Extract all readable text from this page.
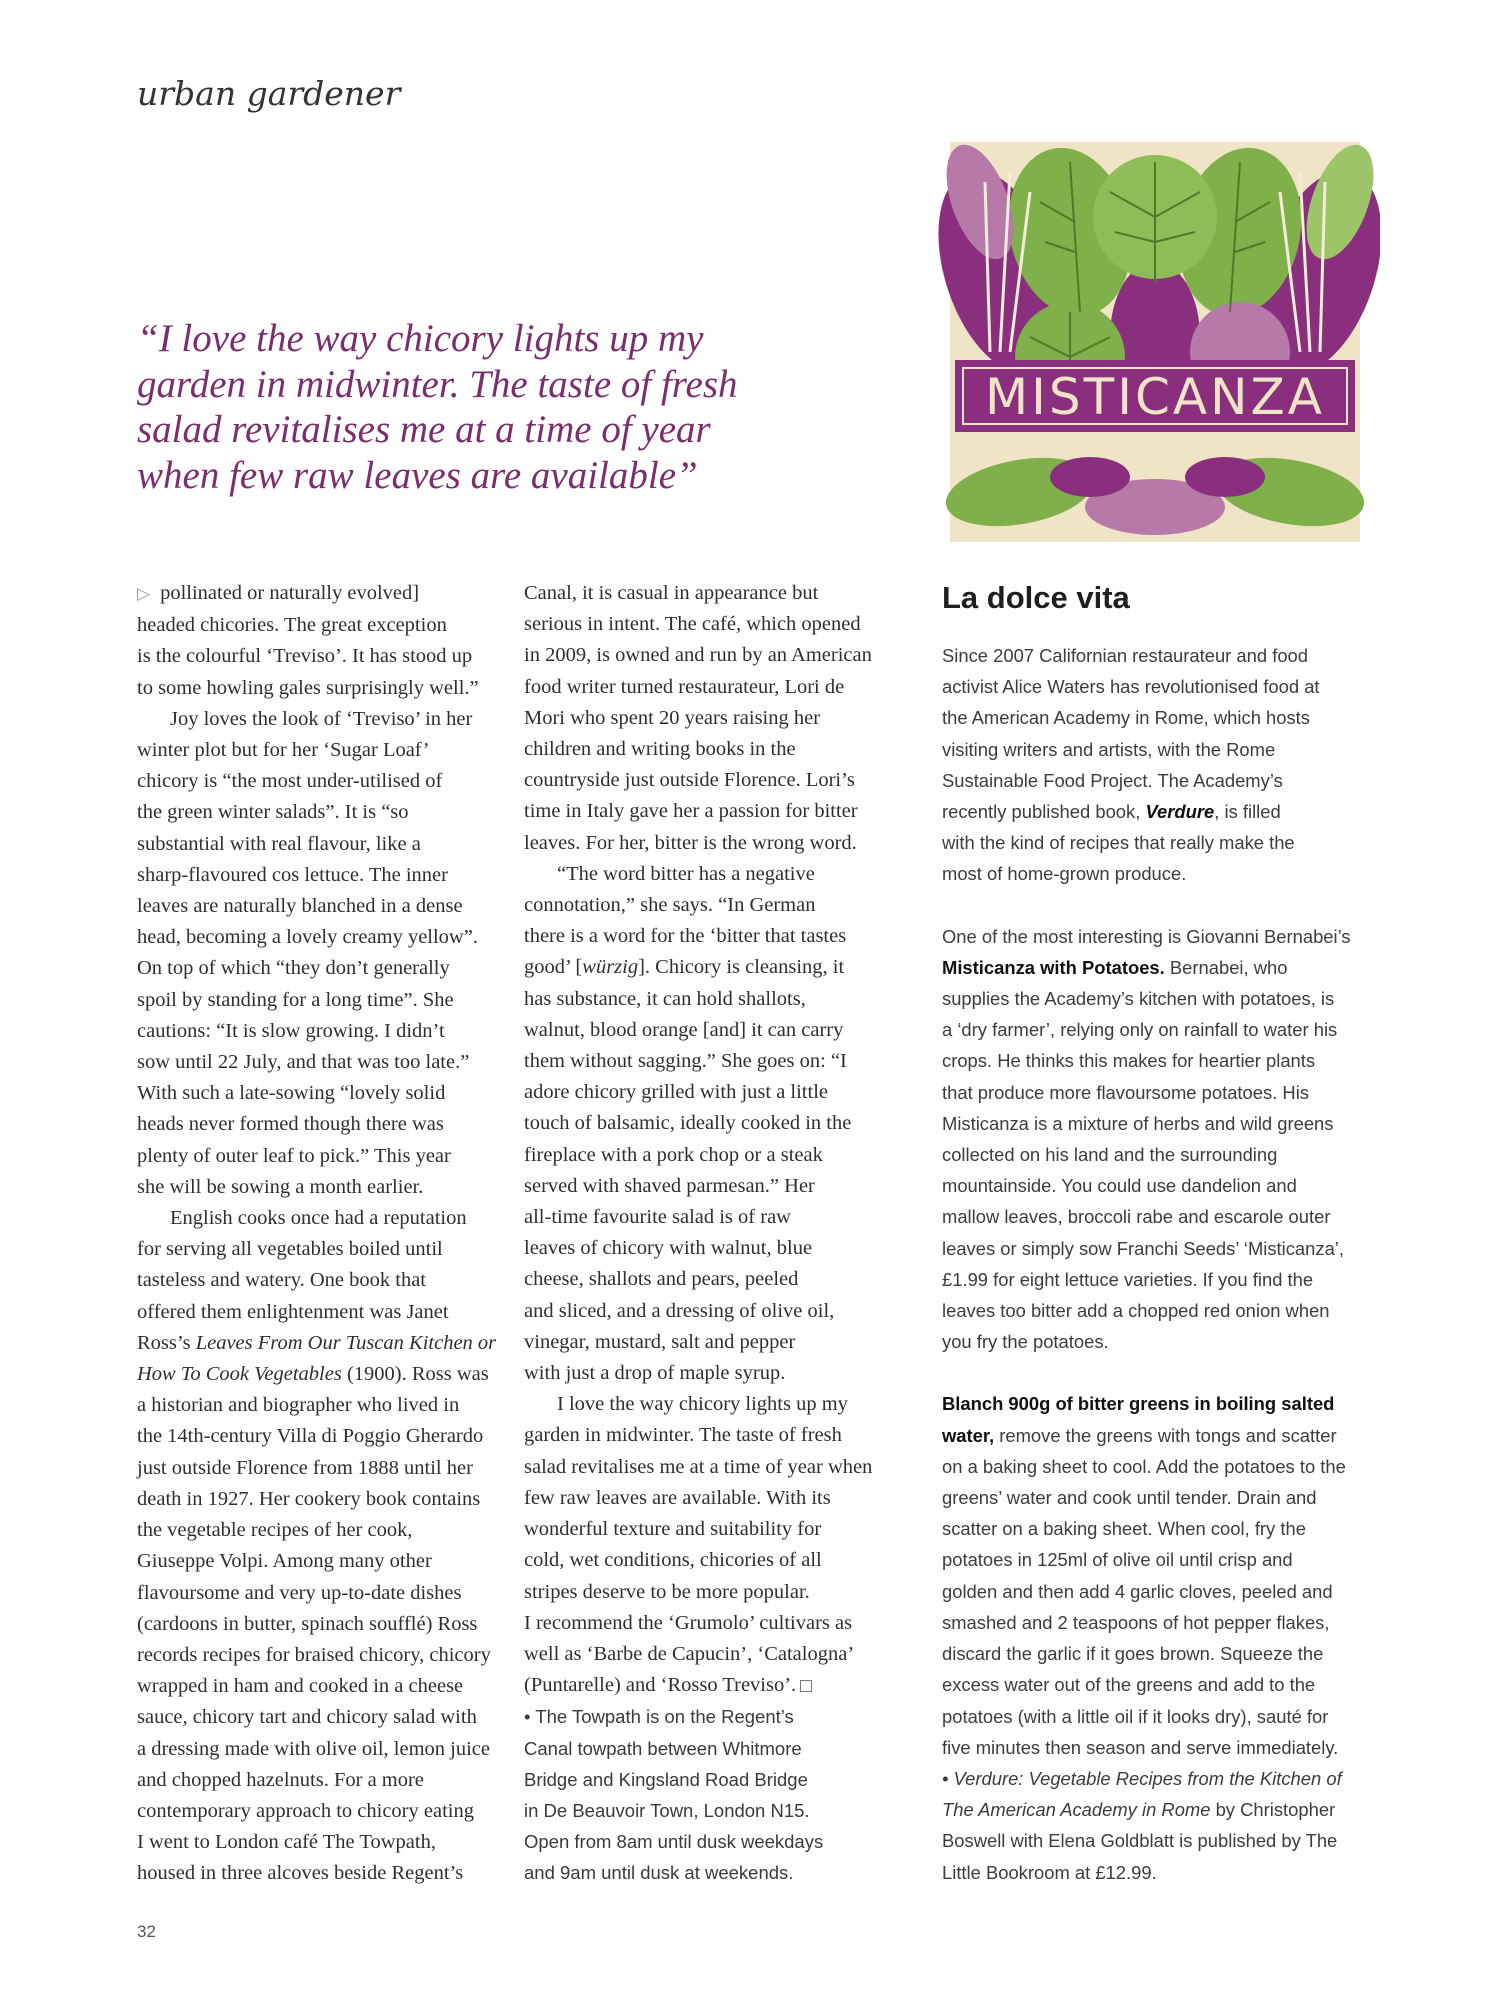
urban gardener
“I love the way chicory lights up my
garden in midwinter. The taste of fresh
salad revitalises me at a time of year
when few raw leaves are available”
MISTICANZA
▷ pollinated or naturally evolved]
headed chicories. The great exception
is the colourful ‘Treviso’. It has stood up
to some howling gales surprisingly well.”
Joy loves the look of ‘Treviso’ in her
winter plot but for her ‘Sugar Loaf’
chicory is “the most under-utilised of
the green winter salads”. It is “so
substantial with real flavour, like a
sharp-flavoured cos lettuce. The inner
leaves are naturally blanched in a dense
head, becoming a lovely creamy yellow”.
On top of which “they don’t generally
spoil by standing for a long time”. She
cautions: “It is slow growing. I didn’t
sow until 22 July, and that was too late.”
With such a late-sowing “lovely solid
heads never formed though there was
plenty of outer leaf to pick.” This year
she will be sowing a month earlier.
English cooks once had a reputation
for serving all vegetables boiled until
tasteless and watery. One book that
offered them enlightenment was Janet
Ross’s Leaves From Our Tuscan Kitchen or
How To Cook Vegetables (1900). Ross was
a historian and biographer who lived in
the 14th-century Villa di Poggio Gherardo
just outside Florence from 1888 until her
death in 1927. Her cookery book contains
the vegetable recipes of her cook,
Giuseppe Volpi. Among many other
flavoursome and very up-to-date dishes
(cardoons in butter, spinach soufflé) Ross
records recipes for braised chicory, chicory
wrapped in ham and cooked in a cheese
sauce, chicory tart and chicory salad with
a dressing made with olive oil, lemon juice
and chopped hazelnuts. For a more
contemporary approach to chicory eating
I went to London café The Towpath,
housed in three alcoves beside Regent’s
Canal, it is casual in appearance but
serious in intent. The café, which opened
in 2009, is owned and run by an American
food writer turned restaurateur, Lori de
Mori who spent 20 years raising her
children and writing books in the
countryside just outside Florence. Lori’s
time in Italy gave her a passion for bitter
leaves. For her, bitter is the wrong word.
“The word bitter has a negative
connotation,” she says. “In German
there is a word for the ‘bitter that tastes
good’ [würzig]. Chicory is cleansing, it
has substance, it can hold shallots,
walnut, blood orange [and] it can carry
them without sagging.” She goes on: “I
adore chicory grilled with just a little
touch of balsamic, ideally cooked in the
fireplace with a pork chop or a steak
served with shaved parmesan.” Her
all-time favourite salad is of raw
leaves of chicory with walnut, blue
cheese, shallots and pears, peeled
and sliced, and a dressing of olive oil,
vinegar, mustard, salt and pepper
with just a drop of maple syrup.
I love the way chicory lights up my
garden in midwinter. The taste of fresh
salad revitalises me at a time of year when
few raw leaves are available. With its
wonderful texture and suitability for
cold, wet conditions, chicories of all
stripes deserve to be more popular.
I recommend the ‘Grumolo’ cultivars as
well as ‘Barbe de Capucin’, ‘Catalogna’
(Puntarelle) and ‘Rosso Treviso’.
• The Towpath is on the Regent’s
Canal towpath between Whitmore
Bridge and Kingsland Road Bridge
in De Beauvoir Town, London N15.
Open from 8am until dusk weekdays
and 9am until dusk at weekends.
La dolce vita
Since 2007 Californian restaurateur and food
activist Alice Waters has revolutionised food at
the American Academy in Rome, which hosts
visiting writers and artists, with the Rome
Sustainable Food Project. The Academy’s
recently published book, Verdure, is filled
with the kind of recipes that really make the
most of home-grown produce.
One of the most interesting is Giovanni Bernabei’s
Misticanza with Potatoes. Bernabei, who
supplies the Academy’s kitchen with potatoes, is
a ‘dry farmer’, relying only on rainfall to water his
crops. He thinks this makes for heartier plants
that produce more flavoursome potatoes. His
Misticanza is a mixture of herbs and wild greens
collected on his land and the surrounding
mountainside. You could use dandelion and
mallow leaves, broccoli rabe and escarole outer
leaves or simply sow Franchi Seeds’ ‘Misticanza’,
£1.99 for eight lettuce varieties. If you find the
leaves too bitter add a chopped red onion when
you fry the potatoes.
Blanch 900g of bitter greens in boiling salted
water, remove the greens with tongs and scatter
on a baking sheet to cool. Add the potatoes to the
greens’ water and cook until tender. Drain and
scatter on a baking sheet. When cool, fry the
potatoes in 125ml of olive oil until crisp and
golden and then add 4 garlic cloves, peeled and
smashed and 2 teaspoons of hot pepper flakes,
discard the garlic if it goes brown. Squeeze the
excess water out of the greens and add to the
potatoes (with a little oil if it looks dry), sauté for
five minutes then season and serve immediately.
• Verdure: Vegetable Recipes from the Kitchen of
The American Academy in Rome by Christopher
Boswell with Elena Goldblatt is published by The
Little Bookroom at £12.99.
32
